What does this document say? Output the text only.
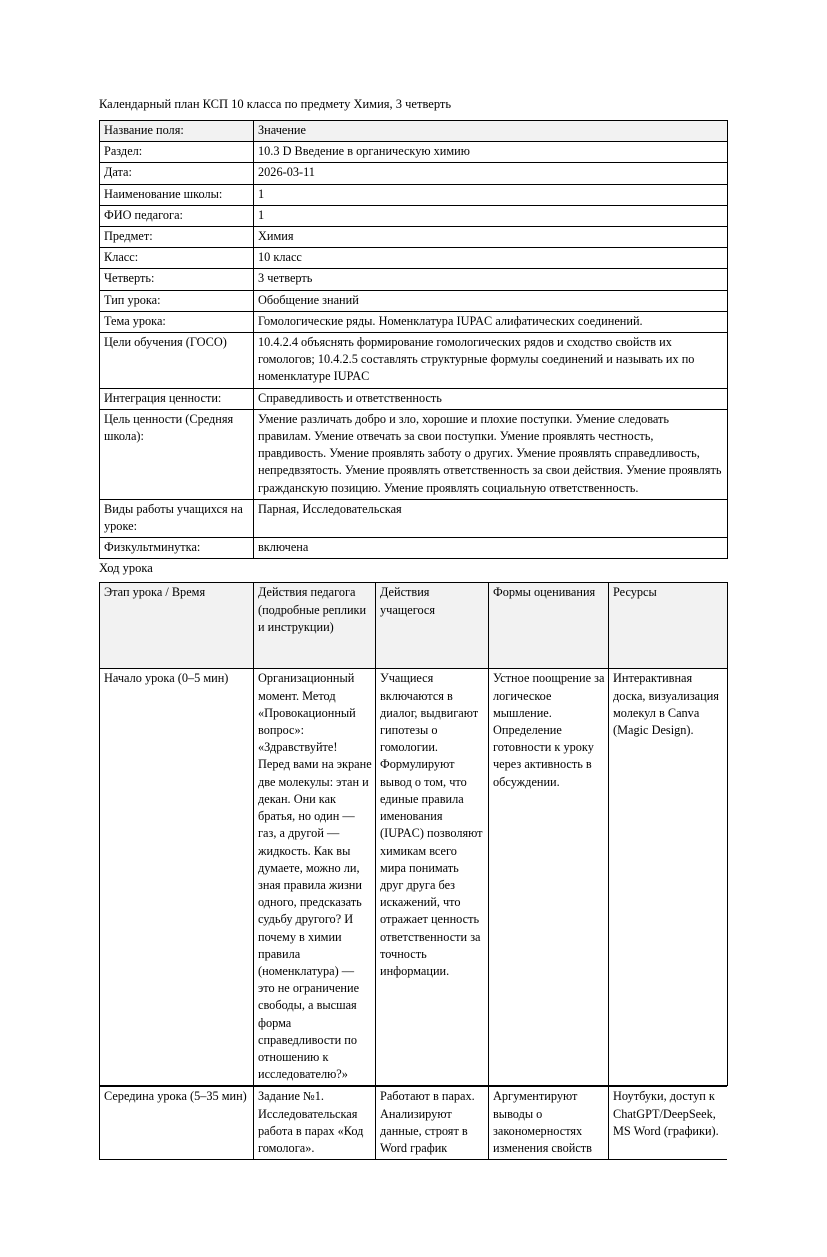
Календарный план КСП 10 класса по предмету Химия, 3 четверть
Название поля:	Значение
Раздел:	10.3 D Введение в органическую химию
Дата:	2026-03-11
Наименование школы:	1
ФИО педагога:	1
Предмет:	Химия
Класс:	10 класс
Четверть:	3 четверть
Тип урока:	Обобщение знаний
Тема урока:	Гомологические ряды. Номенклатура IUPAC алифатических соединений.
Цели обучения (ГОСО)	10.4.2.4 объяснять формирование гомологических рядов и сходство свойств их гомологов; 10.4.2.5 составлять структурные формулы соединений и называть их по номенклатуре IUPAC
Интеграция ценности:	Справедливость и ответственность
Цель ценности (Средняя школа):	Умение различать добро и зло, хорошие и плохие поступки. Умение следовать правилам. Умение отвечать за свои поступки. Умение проявлять честность, правдивость. Умение проявлять заботу о других. Умение проявлять справедливость, непредвзятость. Умение проявлять ответственность за свои действия. Умение проявлять гражданскую позицию. Умение проявлять социальную ответственность.
Виды работы учащихся на уроке:	Парная, Исследовательская
Физкультминутка:	включена
Ход урока
Этап урока / Время	Действия педагога (подробные реплики и инструкции)	Действия учащегося	Формы оценивания	Ресурсы
Начало урока (0–5 мин)	Организационный момент. Метод «Провокационный вопрос»: «Здравствуйте! Перед вами на экране две молекулы: этан и декан. Они как братья, но один — газ, а другой — жидкость. Как вы думаете, можно ли, зная правила жизни одного, предсказать судьбу другого? И почему в химии правила (номенклатура) — это не ограничение свободы, а высшая форма справедливости по отношению к исследователю?»	Учащиеся включаются в диалог, выдвигают гипотезы о гомологии. Формулируют вывод о том, что единые правила именования (IUPAC) позволяют химикам всего мира понимать друг друга без искажений, что отражает ценность ответственности за точность информации.	Устное поощрение за логическое мышление. Определение готовности к уроку через активность в обсуждении.	Интерактивная доска, визуализация молекул в Canva (Magic Design).
Середина урока (5–35 мин)	Задание №1. Исследовательская работа в парах «Код гомолога».	Работают в парах. Анализируют данные, строят в Word график	Аргументируют выводы о закономерностях изменения свойств	Ноутбуки, доступ к ChatGPT/DeepSeek, MS Word (графики).
